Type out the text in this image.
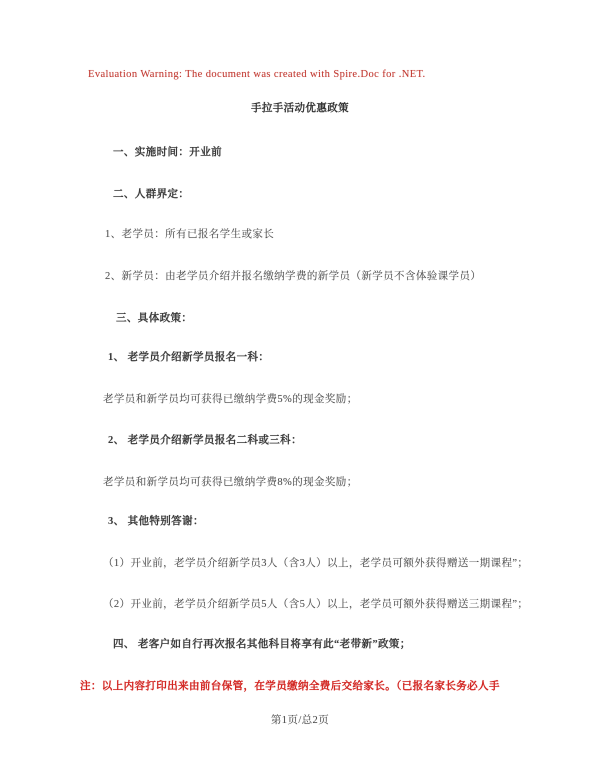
Evaluation Warning: The document was created with Spire.Doc for .NET.

手拉手活动优惠政策

一、实施时间：开业前

二、人群界定：

1、老学员：所有已报名学生或家长

2、新学员：由老学员介绍并报名缴纳学费的新学员（新学员不含体验课学员）

三、具体政策：

1、 老学员介绍新学员报名一科：

老学员和新学员均可获得已缴纳学费5%的现金奖励；

2、 老学员介绍新学员报名二科或三科：

老学员和新学员均可获得已缴纳学费8%的现金奖励；

3、 其他特别答谢：

（1）开业前，老学员介绍新学员3人（含3人）以上，老学员可额外获得赠送一期课程”；

（2）开业前，老学员介绍新学员5人（含5人）以上，老学员可额外获得赠送三期课程”；

四、 老客户如自行再次报名其他科目将享有此“老带新”政策；

注：以上内容打印出来由前台保管，在学员缴纳全费后交给家长。（已报名家长务必人手

第1页/总2页
